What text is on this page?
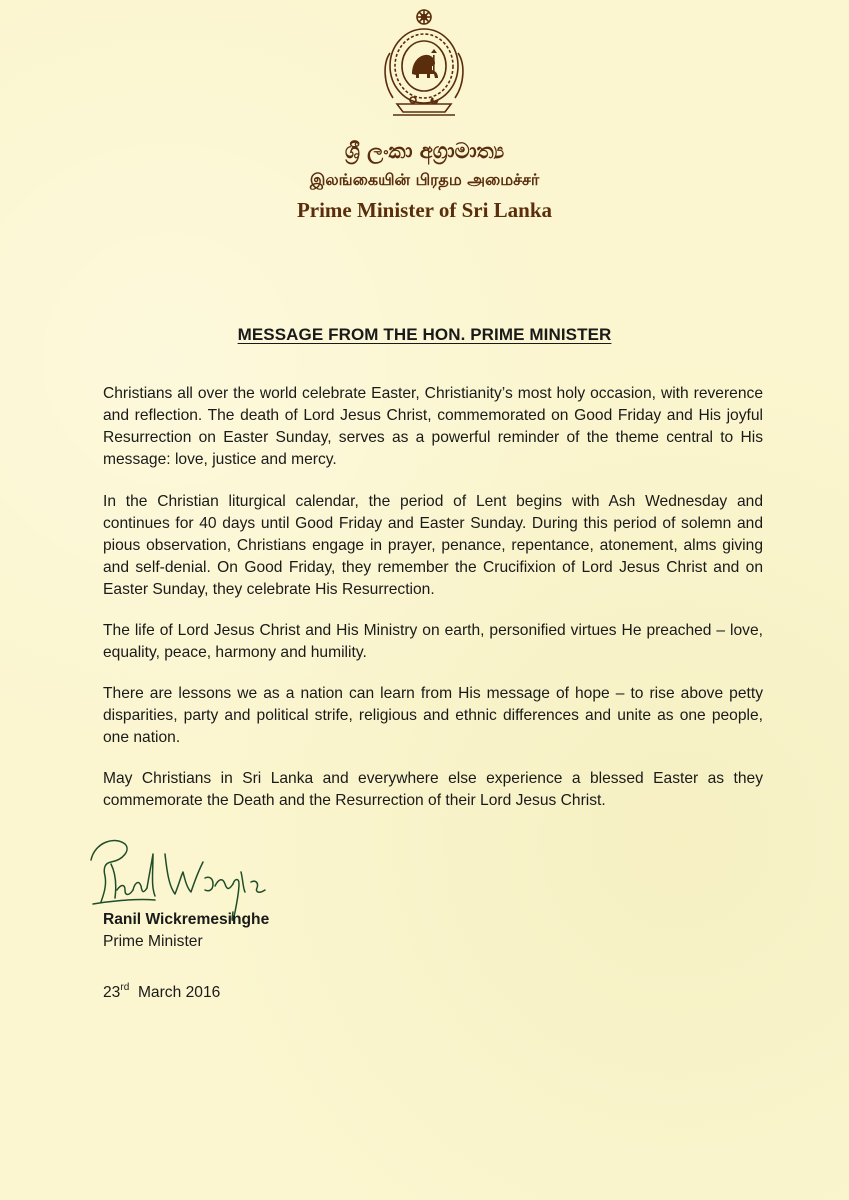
ශ්‍රී ලංකා අග්‍රාමාත්‍ය
இலங்கையின் பிரதம அமைச்சர்
Prime Minister of Sri Lanka
MESSAGE FROM THE HON. PRIME MINISTER

Christians all over the world celebrate Easter, Christianity’s most holy occasion, with reverence and reflection. The death of Lord Jesus Christ, commemorated on Good Friday and His joyful Resurrection on Easter Sunday, serves as a powerful reminder of the theme central to His message: love, justice and mercy.

In the Christian liturgical calendar, the period of Lent begins with Ash Wednesday and continues for 40 days until Good Friday and Easter Sunday. During this period of solemn and pious observation, Christians engage in prayer, penance, repentance, atonement, alms giving and self-denial. On Good Friday, they remember the Crucifixion of Lord Jesus Christ and on Easter Sunday, they celebrate His Resurrection.

The life of Lord Jesus Christ and His Ministry on earth, personified virtues He preached – love, equality, peace, harmony and humility.

There are lessons we as a nation can learn from His message of hope – to rise above petty disparities, party and political strife, religious and ethnic differences and unite as one people, one nation.

May Christians in Sri Lanka and everywhere else experience a blessed Easter as they commemorate the Death and the Resurrection of their Lord Jesus Christ.

Ranil Wickremesinghe
Prime Minister
23rd March 2016
